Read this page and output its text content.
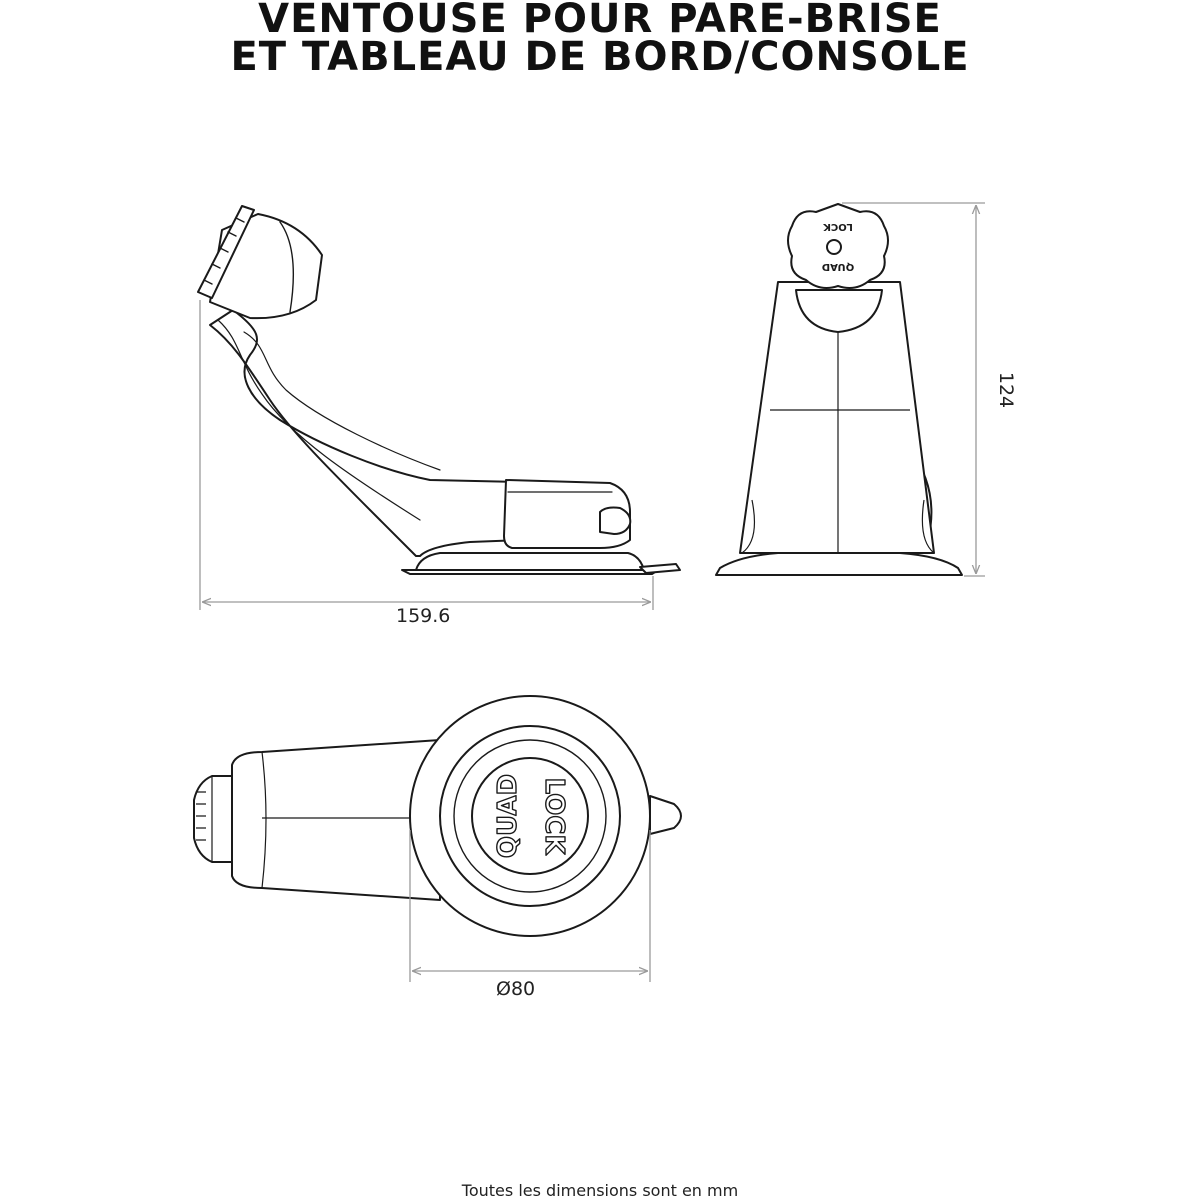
VENTOUSE POUR PARE-BRISE
ET TABLEAU DE BORD/CONSOLE
LOCK
QUAD
124
QUAD LOCK
159.6
Ø80
Toutes les dimensions sont en mm
